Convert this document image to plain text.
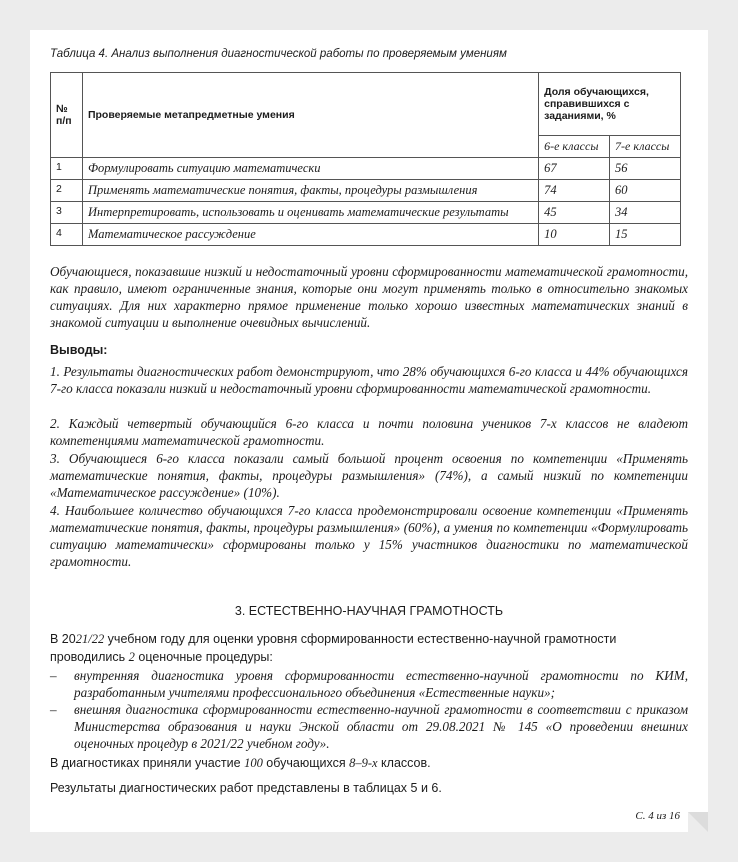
Таблица 4. Анализ выполнения диагностической работы по проверяемым умениям
№ п/п	Проверяемые метапредметные умения	Доля обучающихся, справившихся с заданиями, %	
		6-е классы	7-е классы
1	Формулировать ситуацию математически	67	56
2	Применять математические понятия, факты, процедуры размышления	74	60
3	Интерпретировать, использовать и оценивать математические результаты	45	34
4	Математическое рассуждение	10	15
Обучающиеся, показавшие низкий и недостаточный уровни сформированности математической грамотности, как правило, имеют ограниченные знания, которые они могут применять только в относительно знакомых ситуациях. Для них характерно прямое применение только хорошо известных математических знаний в знакомой ситуации и выполнение очевидных вычислений.
Выводы:
1. Результаты диагностических работ демонстрируют, что 28% обучающихся 6-го класса и 44% обучающихся 7-го класса показали низкий и недостаточный уровни сформированности математической грамотности.
2. Каждый четвертый обучающийся 6-го класса и почти половина учеников 7-х классов не владеют компетенциями математической грамотности.
3. Обучающиеся 6-го класса показали самый большой процент освоения по компетенции «Применять математические понятия, факты, процедуры размышления» (74%), а самый низкий по компетенции «Математическое рассуждение» (10%).
4. Наибольшее количество обучающихся 7-го класса продемонстрировали освоение компетенции «Применять математические понятия, факты, процедуры размышления» (60%), а умения по компетенции «Формулировать ситуацию математически» сформированы только у 15% участников диагностики по математической грамотности.
3. ЕСТЕСТВЕННО-НАУЧНАЯ ГРАМОТНОСТЬ
В 2021/22 учебном году для оценки уровня сформированности естественно-научной грамотности проводились 2 оценочные процедуры:
– внутренняя диагностика уровня сформированности естественно-научной грамотности по КИМ, разработанным учителями профессионального объединения «Естественные науки»;
– внешняя диагностика сформированности естественно-научной грамотности в соответствии с приказом Министерства образования и науки Энской области от 29.08.2021 № 145 «О проведении внешних оценочных процедур в 2021/22 учебном году».
В диагностиках приняли участие 100 обучающихся 8–9-х классов.
Результаты диагностических работ представлены в таблицах 5 и 6.
С. 4 из 16
